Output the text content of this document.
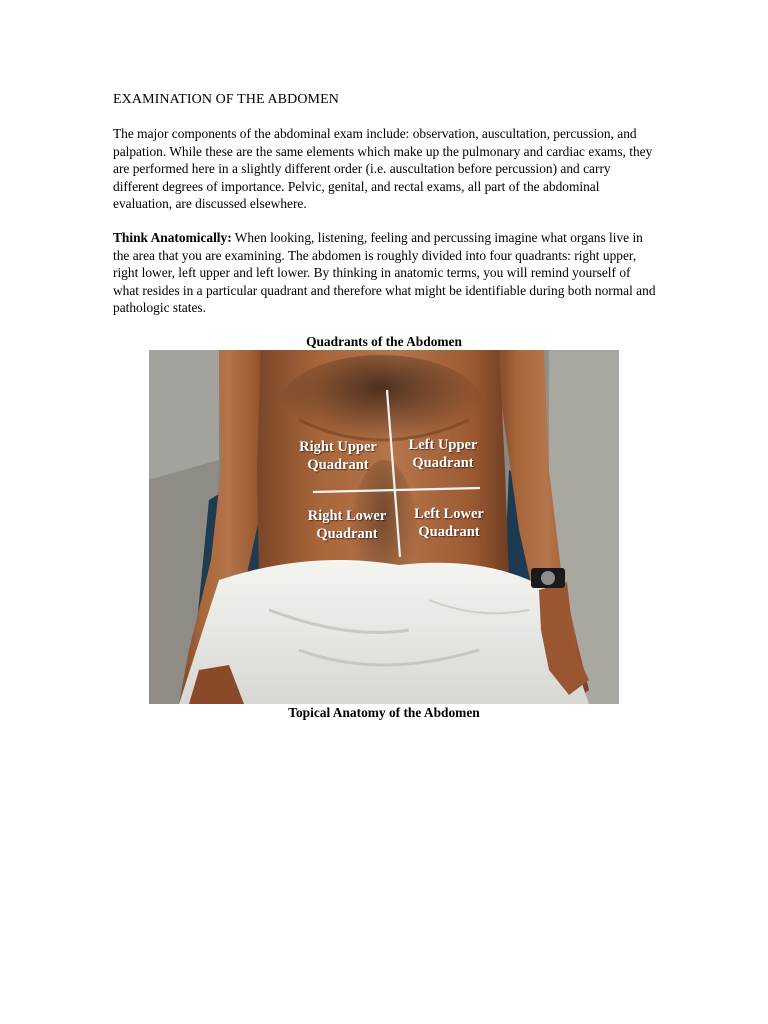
EXAMINATION OF THE ABDOMEN
The major components of the abdominal exam include: observation, auscultation, percussion, and palpation. While these are the same elements which make up the pulmonary and cardiac exams, they are performed here in a slightly different order (i.e. auscultation before percussion) and carry different degrees of importance. Pelvic, genital, and rectal exams, all part of the abdominal evaluation, are discussed elsewhere.
Think Anatomically: When looking, listening, feeling and percussing imagine what organs live in the area that you are examining. The abdomen is roughly divided into four quadrants: right upper, right lower, left upper and left lower. By thinking in anatomic terms, you will remind yourself of what resides in a particular quadrant and therefore what might be identifiable during both normal and pathologic states.
Quadrants of the Abdomen
Right Upper
Quadrant
Left Upper
Quadrant
Right Lower
Quadrant
Left Lower
Quadrant
Topical Anatomy of the Abdomen
